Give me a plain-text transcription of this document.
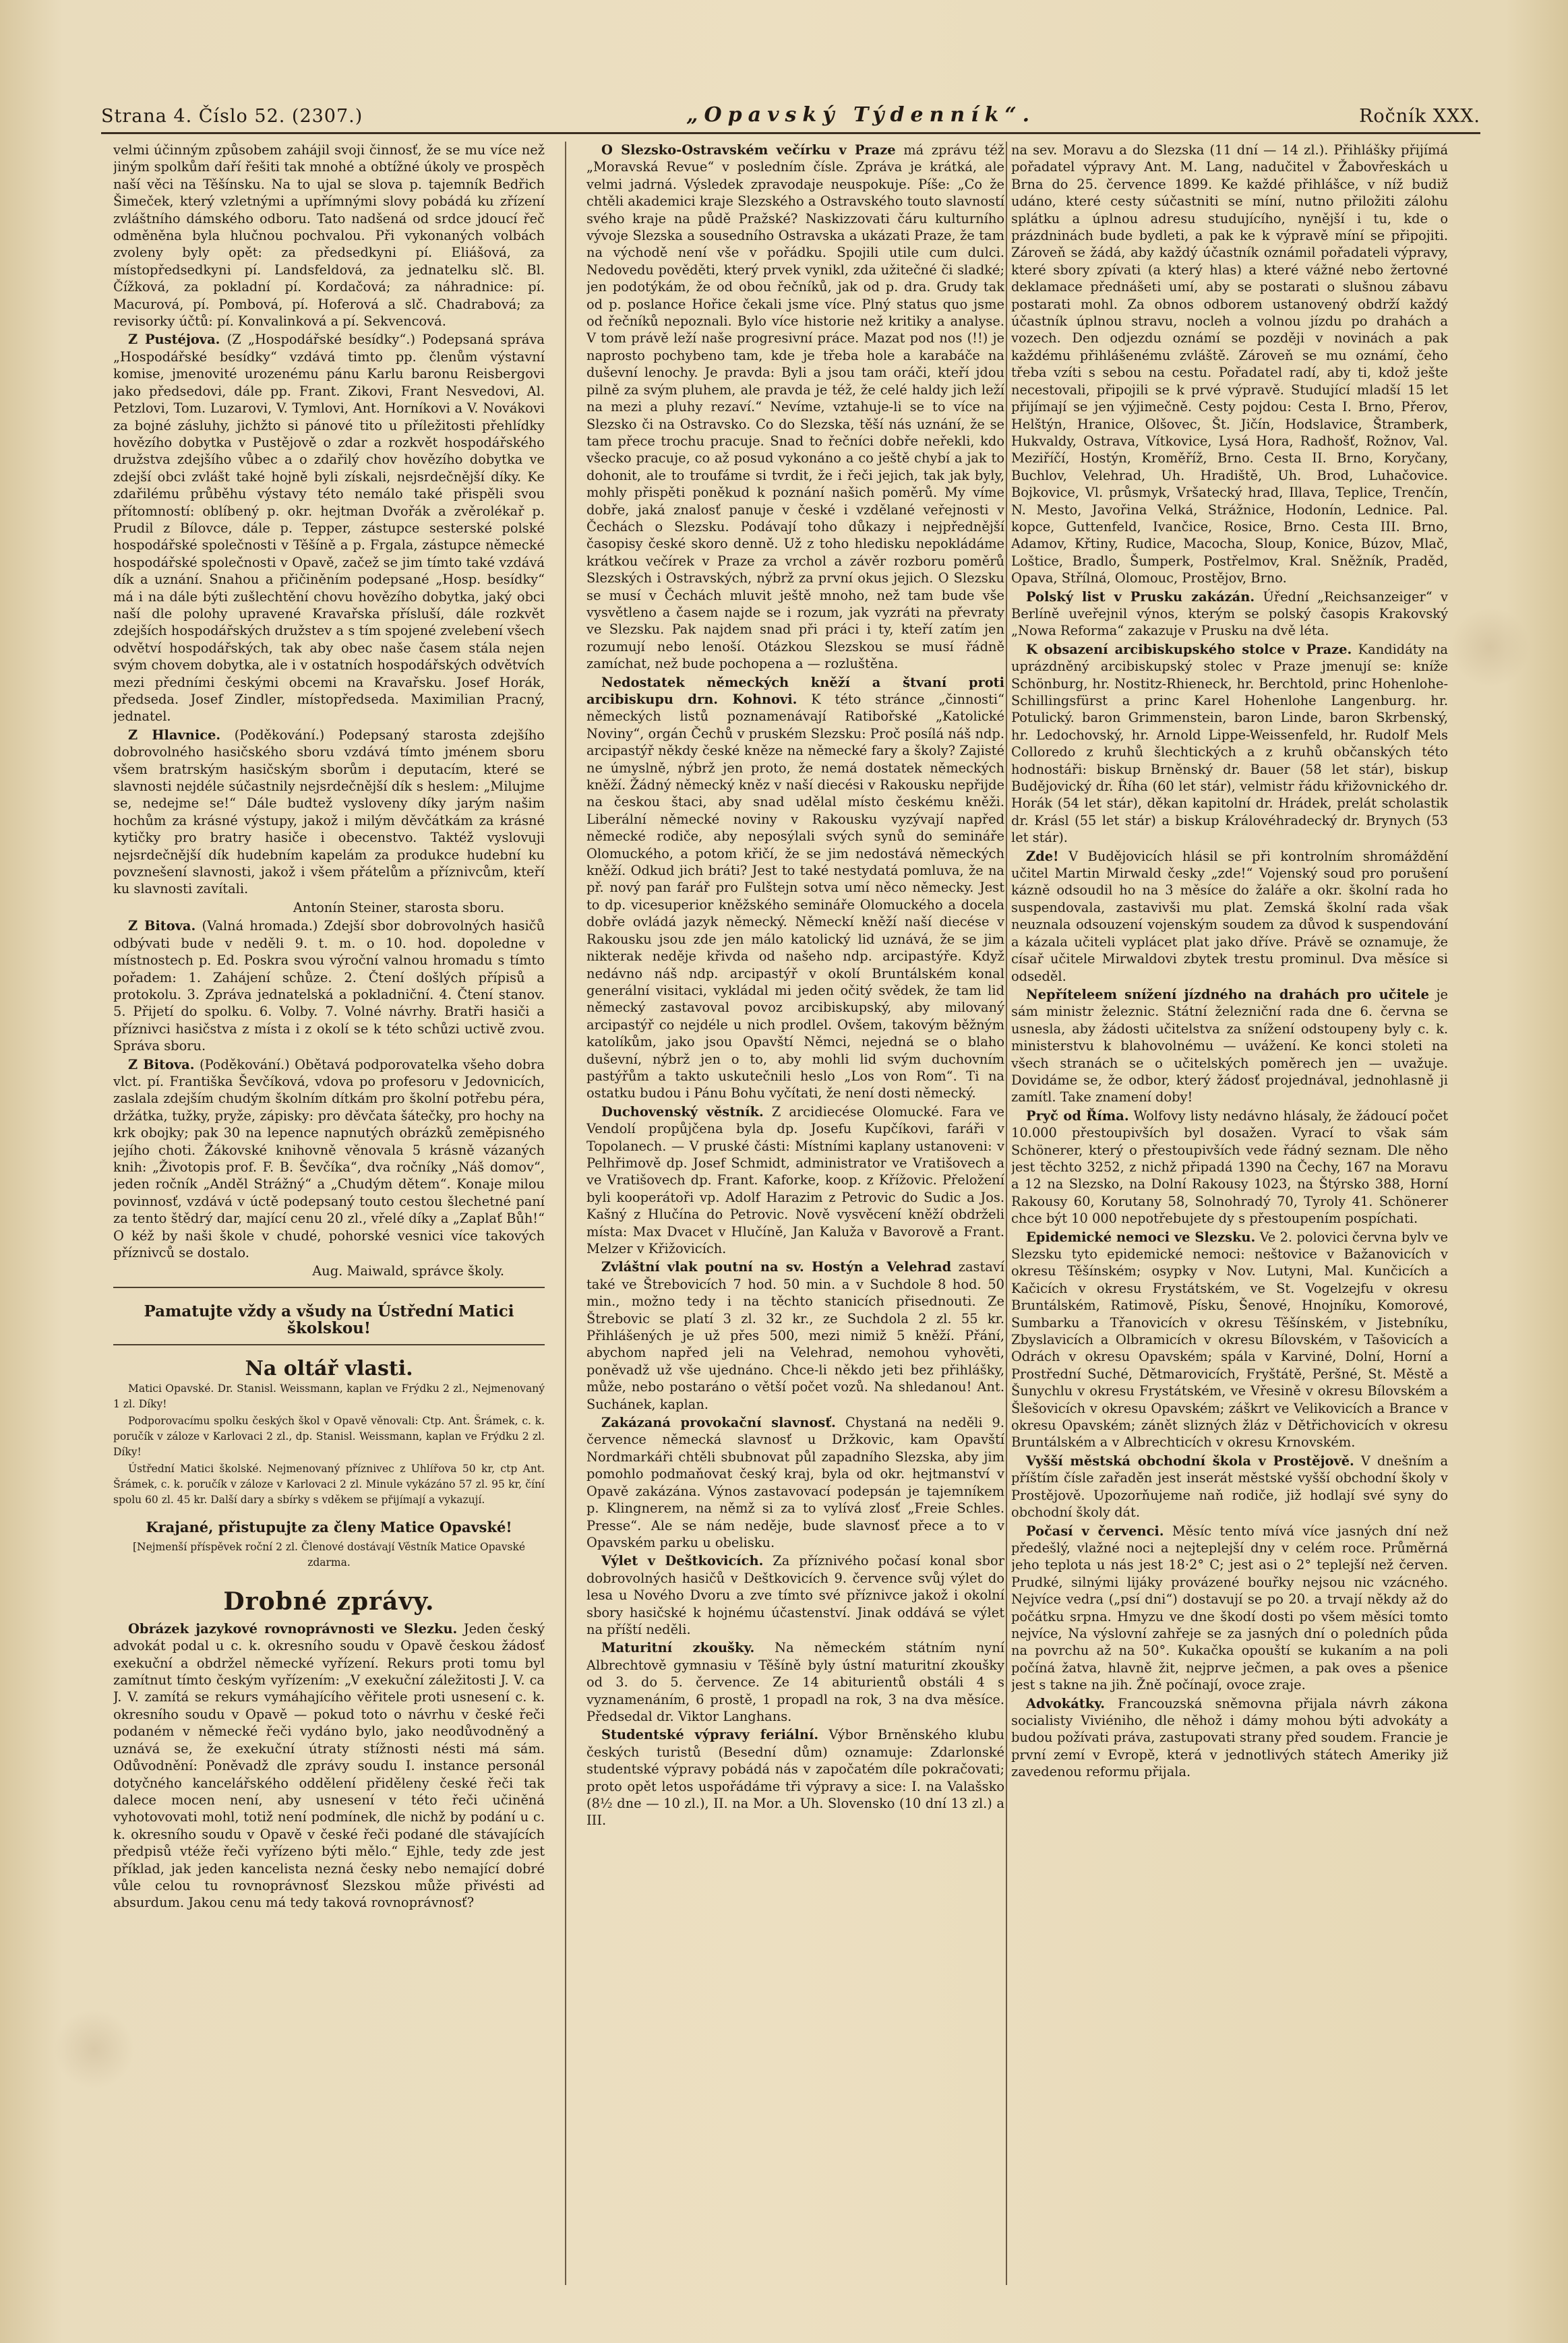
Strana 4. Číslo 52. (2307.)	„Opavský Týdenník“.	Ročník XXX.

velmi účinným způsobem zahájil svoji činnosť, že se mu více než jiným spolkům daří řešiti tak mnohé a obtížné úkoly ve prospěch naší věci na Těšínsku. Na to ujal se slova p. tajemník Bedřich Šimeček, který vzletnými a upřímnými slovy pobádá ku zřízení zvláštního dámského odboru. Tato nadšená od srdce jdoucí řeč odměněna byla hlučnou pochvalou. Při vykonaných volbách zvoleny byly opět: za předsedkyni pí. Eliášová, za místopředsedkyni pí. Landsfeldová, za jednatelku slč. Bl. Čížková, za pokladní pí. Kordačová; za náhradnice: pí. Macurová, pí. Pombová, pí. Hoferová a slč. Chadrabová; za revisorky účtů: pí. Konvalinková a pí. Sekvencová.

Z Pustéjova. (Z „Hospodářské besídky“.) Podepsaná správa „Hospodářské besídky“ vzdává timto pp. členům výstavní komise, jmenovité urozenému pánu Karlu baronu Reisbergovi jako předsedovi, dále pp. Frant. Zikovi, Frant Nesvedovi, Al. Petzlovi, Tom. Luzarovi, V. Tymlovi, Ant. Horníkovi a V. Novákovi za bojné zásluhy, jichžto si pánové tito u příležitosti přehlídky hovězího dobytka v Pustějově o zdar a rozkvět hospodářského družstva zdejšího vůbec a o zdařilý chov hovězího dobytka ve zdejší obci zvlášt také hojně byli získali, nejsrdečnější díky. Ke zdařilému průběhu výstavy této nemálo také přispěli svou přítomností: oblíbený p. okr. hejtman Dvořák a zvěrolékař p. Prudil z Bílovce, dále p. Tepper, zástupce sesterské polské hospodářské společnosti v Těšíně a p. Frgala, zástupce německé hospodářské společnosti v Opavě, začež se jim tímto také vzdává dík a uznání. Snahou a přičiněním podepsané „Hosp. besídky“ má i na dále býti zušlechtění chovu hovězího dobytka, jaký obci naší dle polohy upravené Kravařska přísluší, dále rozkvět zdejších hospodářských družstev a s tím spojené zvelebení všech odvětví hospodářských, tak aby obec naše časem stála nejen svým chovem dobytka, ale i v ostatních hospodářských odvětvích mezi předními českými obcemi na Kravařsku. Josef Horák, předseda. Josef Zindler, místopředseda. Maximilian Pracný, jednatel.

Z Hlavnice. (Poděkování.) Podepsaný starosta zdejšího dobrovolného hasičského sboru vzdává tímto jménem sboru všem bratrským hasičským sborům i deputacím, které se slavnosti nejdéle súčastnily nejsrdečnější dík s heslem: „Milujme se, nedejme se!“ Dále budtež vysloveny díky jarým našim hochům za krásné výstupy, jakož i milým děvčátkám za krásné kytičky pro bratry hasiče i obecenstvo. Taktéž vyslovuji nejsrdečnější dík hudebním kapelám za produkce hudební ku povznešení slavnosti, jakož i všem přátelům a příznivcům, kteří ku slavnosti zavítali.

Antonín Steiner, starosta sboru.

Z Bitova. (Valná hromada.) Zdejší sbor dobrovolných hasičů odbývati bude v neděli 9. t. m. o 10. hod. dopoledne v místnostech p. Ed. Poskra svou výroční valnou hromadu s tímto pořadem: 1. Zahájení schůze. 2. Čtení došlých přípisů a protokolu. 3. Zpráva jednatelská a pokladniční. 4. Čtení stanov. 5. Přijetí do spolku. 6. Volby. 7. Volné návrhy. Bratři hasiči a příznivci hasičstva z místa i z okolí se k této schůzi uctivě zvou. Správa sboru.

Z Bitova. (Poděkování.) Obětavá podporovatelka všeho dobra vlct. pí. Františka Ševčíková, vdova po profesoru v Jedovnicích, zaslala zdejším chudým školním dítkám pro školní potřebu péra, držátka, tužky, pryže, zápisky: pro děvčata šátečky, pro hochy na krk obojky; pak 30 na lepence napnutých obrázků zeměpisného jejího choti. Žákovské knihovně věnovala 5 krásně vázaných knih: „Životopis prof. F. B. Ševčíka“, dva ročníky „Náš domov“, jeden ročník „Anděl Strážný“ a „Chudým dětem“. Konaje milou povinnosť, vzdává v úctě podepsaný touto cestou šlechetné paní za tento štědrý dar, mající cenu 20 zl., vřelé díky a „Zaplať Bůh!“ O kéž by naši škole v chudé, pohorské vesnici více takových příznivců se dostalo.

Aug. Maiwald, správce školy.

Pamatujte vždy a všudy na Ústřední Matici školskou!
Na oltář vlasti.

Matici Opavské. Dr. Stanisl. Weissmann, kaplan ve Frýdku 2 zl., Nejmenovaný 1 zl. Díky!

Podporovacímu spolku českých škol v Opavě věnovali: Ctp. Ant. Šrámek, c. k. poručík v záloze v Karlovaci 2 zl., dp. Stanisl. Weissmann, kaplan ve Frýdku 2 zl. Díky!

Ústřední Matici školské. Nejmenovaný příznivec z Uhlířova 50 kr, ctp Ant. Šrámek, c. k. poručík v záloze v Karlovaci 2 zl. Minule vykázáno 57 zl. 95 kr, číní spolu 60 zl. 45 kr. Další dary a sbírky s vděkem se přijímají a vykazují.

Krajané, přistupujte za členy Matice Opavské!

[Nejmenší příspěvek roční 2 zl. Členové dostávají Věstník Matice Opavské zdarma.

Drobné zprávy.

Obrázek jazykové rovnoprávnosti ve Slezku. Jeden český advokát podal u c. k. okresního soudu v Opavě českou žádosť exekuční a obdržel německé vyřízení. Rekurs proti tomu byl zamítnut tímto českým vyřízením: „V exekuční záležitosti J. V. ca J. V. zamítá se rekurs vymáhajícího věřitele proti usnesení c. k. okresního soudu v Opavě — pokud toto o návrhu v české řeči podaném v německé řeči vydáno bylo, jako neodůvodněný a uznává se, že exekuční útraty stížnosti nésti má sám. Odůvodnění: Poněvadž dle zprávy soudu I. instance personál dotyčného kancelářského oddělení přiděleny české řeči tak dalece mocen není, aby usnesení v této řeči učiněná vyhotovovati mohl, totiž není podmínek, dle nichž by podání u c. k. okresního soudu v Opavě v české řeči podané dle stávajících předpisů vtéže řeči vyřízeno býti mělo.“ Ejhle, tedy zde jest příklad, jak jeden kancelista nezná česky nebo nemající dobré vůle celou tu rovnoprávnosť Slezskou může přivésti ad absurdum. Jakou cenu má tedy taková rovnoprávnosť?

O Slezsko-Ostravském večírku v Praze má zprávu též „Moravská Revue“ v posledním čísle. Zpráva je krátká, ale velmi jadrná. Výsledek zpravodaje neuspokuje. Píše: „Co že chtěli akademici kraje Slezského a Ostravského touto slavností svého kraje na půdě Pražské? Naskizzovati čáru kulturního vývoje Slezska a sousedního Ostravska a ukázati Praze, že tam na východě není vše v pořádku. Spojili utile cum dulci. Nedovedu pověděti, který prvek vynikl, zda užitečné či sladké; jen podotýkám, že od obou řečníků, jak od p. dra. Grudy tak od p. poslance Hořice čekali jsme více. Plný status quo jsme od řečníků nepoznali. Bylo více historie než kritiky a analyse. V tom právě leží naše progresivní práce. Mazat pod nos (!!) je naprosto pochybeno tam, kde je třeba hole a karabáče na duševní lenochy. Je pravda: Byli a jsou tam oráči, kteří jdou pilně za svým pluhem, ale pravda je též, že celé haldy jich leží na mezi a pluhy rezaví.“ Nevíme, vztahuje-li se to více na Slezsko či na Ostravsko. Co do Slezska, těší nás uznání, že se tam přece trochu pracuje. Snad to řečníci dobře neřekli, kdo všecko pracuje, co až posud vykonáno a co ještě chybí a jak to dohonit, ale to troufáme si tvrdit, že i řeči jejich, tak jak byly, mohly přispěti poněkud k poznání našich poměrů. My víme dobře, jaká znalosť panuje v české i vzdělané veřejnosti v Čechách o Slezsku. Podávají toho důkazy i nejpřednější časopisy české skoro denně. Už z toho hledisku nepokládáme krátkou večírek v Praze za vrchol a závěr rozboru poměrů Slezských i Ostravských, nýbrž za první okus jejich. O Slezsku se musí v Čechách mluvit ještě mnoho, než tam bude vše vysvětleno a časem najde se i rozum, jak vyzráti na převraty ve Slezsku. Pak najdem snad při práci i ty, kteří zatím jen rozumují nebo lenoší. Otázkou Slezskou se musí řádně zamíchat, než bude pochopena a — rozluštěna.

Nedostatek německých kněží a štvaní proti arcibiskupu drn. Kohnovi. K této stránce „činnosti“ německých listů poznamenávají Ratibořské „Katolické Noviny“, orgán Čechů v pruském Slezsku: Proč posílá náš ndp. arcipastýř někdy české kněze na německé fary a školy? Zajisté ne úmyslně, nýbrž jen proto, že nemá dostatek německých kněží. Žádný německý kněz v naší diecési v Rakousku nepřijde na českou štaci, aby snad udělal místo českému kněži. Liberální německé noviny v Rakousku vyzývají napřed německé rodiče, aby neposýlali svých synů do semináře Olomuckého, a potom křičí, že se jim nedostává německých kněží. Odkud jich bráti? Jest to také nestydatá pomluva, že na př. nový pan farář pro Fulštejn sotva umí něco německy. Jest to dp. vicesuperior kněžského semináře Olomuckého a docela dobře ovládá jazyk německý. Německí kněží naší diecése v Rakousku jsou zde jen málo katolický lid uznává, že se jim nikterak neděje křivda od našeho ndp. arcipastýře. Když nedávno náš ndp. arcipastýř v okolí Bruntálském konal generální visitaci, vykládal mi jeden očitý svědek, že tam lid německý zastavoval povoz arcibiskupský, aby milovaný arcipastýř co nejdéle u nich prodlel. Ovšem, takovým běžným katolíkům, jako jsou Opavští Němci, nejedná se o blaho duševní, nýbrž jen o to, aby mohli lid svým duchovním pastýřům a takto uskutečnili heslo „Los von Rom“. Ti na ostatku budou i Pánu Bohu vyčítati, že není dosti německý.

Duchovenský věstník. Z arcidiecése Olomucké. Fara ve Vendolí propůjčena byla dp. Josefu Kupčíkovi, faráři v Topolanech. — V pruské části: Místními kaplany ustanoveni: v Pelhřimově dp. Josef Schmidt, administrator ve Vratišovech a ve Vratišovech dp. Frant. Kaforke, koop. z Křížovic. Přeložení byli kooperátoři vp. Adolf Harazim z Petrovic do Sudic a Jos. Kašný z Hlučína do Petrovic. Nově vysvěcení kněží obdrželi místa: Max Dvacet v Hlučíně, Jan Kaluža v Bavorově a Frant. Melzer v Křižovicích.

Zvláštní vlak poutní na sv. Hostýn a Velehrad zastaví také ve Štrebovicích 7 hod. 50 min. a v Suchdole 8 hod. 50 min., možno tedy i na těchto stanicích přisednouti. Ze Štrebovic se platí 3 zl. 32 kr., ze Suchdola 2 zl. 55 kr. Přihlášených je už přes 500, mezi nimiž 5 kněží. Přání, abychom napřed jeli na Velehrad, nemohou vyhověti, poněvadž už vše ujednáno. Chce-li někdo jeti bez přihlášky, může, nebo postaráno o větší počet vozů. Na shledanou! Ant. Suchánek, kaplan.

Zakázaná provokační slavnosť. Chystaná na neděli 9. července německá slavnosť u Držkovic, kam Opavští Nordmarkáři chtěli sbubnovat půl zapadního Slezska, aby jim pomohlo podmaňovat český kraj, byla od okr. hejtmanství v Opavě zakázána. Výnos zastavovací podepsán je tajemníkem p. Klingnerem, na němž si za to vylívá zlosť „Freie Schles. Presse“. Ale se nám neděje, bude slavnosť přece a to v Opavském parku u obelisku.

Výlet v Deštkovicích. Za příznivého počasí konal sbor dobrovolných hasičů v Deštkovicích 9. července svůj výlet do lesa u Nového Dvoru a zve tímto své příznivce jakož i okolní sbory hasičské k hojnému účastenství. Jinak oddává se výlet na příští neděli.

Maturitní zkoušky. Na německém státním nyní Albrechtově gymnasiu v Těšíně byly ústní maturitní zkoušky od 3. do 5. července. Ze 14 abiturientů obstáli 4 s vyznamenáním, 6 prostě, 1 propadl na rok, 3 na dva měsíce. Předsedal dr. Viktor Langhans.

Studentské výpravy feriální. Výbor Brněnského klubu českých turistů (Besední dům) oznamuje: Zdarlonské studentské výpravy pobádá nás v započatém díle pokračovati; proto opět letos uspořádáme tři výpravy a sice: I. na Valašsko (8½ dne — 10 zl.), II. na Mor. a Uh. Slovensko (10 dní 13 zl.) a III.

na sev. Moravu a do Slezska (11 dní — 14 zl.). Přihlášky přijímá pořadatel výpravy Ant. M. Lang, nadučitel v Žabovřeskách u Brna do 25. července 1899. Ke každé přihlášce, v níž budiž udáno, které cesty súčastniti se míní, nutno přiložiti zálohu splátku a úplnou adresu studujícího, nynější i tu, kde o prázdninách bude bydleti, a pak ke k výpravě míní se připojiti. Zároveň se žádá, aby každý účastník oznámil pořadateli výpravy, které sbory zpívati (a který hlas) a které vážné nebo žertovné deklamace přednášeti umí, aby se postarati o slušnou zábavu postarati mohl. Za obnos odborem ustanovený obdrží každý účastník úplnou stravu, nocleh a volnou jízdu po drahách a vozech. Den odjezdu oznámí se později v novinách a pak každému přihlášenému zvláště. Zároveň se mu oznámí, čeho třeba vzíti s sebou na cestu. Pořadatel radí, aby ti, kdož ješte necestovali, připojili se k prvé výpravě. Studující mladší 15 let přijímají se jen výjimečně. Cesty pojdou: Cesta I. Brno, Přerov, Helštýn, Hranice, Olšovec, Št. Jičín, Hodslavice, Štramberk, Hukvaldy, Ostrava, Vítkovice, Lysá Hora, Radhošť, Rožnov, Val. Meziříčí, Hostýn, Kroměříž, Brno. Cesta II. Brno, Koryčany, Buchlov, Velehrad, Uh. Hradiště, Uh. Brod, Luhačovice. Bojkovice, Vl. průsmyk, Vršatecký hrad, Illava, Teplice, Trenčín, N. Mesto, Javořina Velká, Strážnice, Hodonín, Lednice. Pal. kopce, Guttenfeld, Ivančice, Rosice, Brno. Cesta III. Brno, Adamov, Křtiny, Rudice, Macocha, Sloup, Konice, Búzov, Mlač, Loštice, Bradlo, Šumperk, Postřelmov, Kral. Sněžník, Praděd, Opava, Střílná, Olomouc, Prostějov, Brno.

Polský list v Prusku zakázán. Úřední „Reichsanzeiger“ v Berlíně uveřejnil výnos, kterým se polský časopis Krakovský „Nowa Reforma“ zakazuje v Prusku na dvě léta.

K obsazení arcibiskupského stolce v Praze. Kandidáty na uprázdněný arcibiskupský stolec v Praze jmenují se: kníže Schönburg, hr. Nostitz-Rhieneck, hr. Berchtold, princ Hohenlohe-Schillingsfürst a princ Karel Hohenlohe Langenburg. hr. Potulický. baron Grimmenstein, baron Linde, baron Skrbenský, hr. Ledochovský, hr. Arnold Lippe-Weissenfeld, hr. Rudolf Mels Colloredo z kruhů šlechtických a z kruhů občanských této hodnostáři: biskup Brněnský dr. Bauer (58 let stár), biskup Budějovický dr. Říha (60 let stár), velmistr řádu křižovnického dr. Horák (54 let stár), děkan kapitolní dr. Hrádek, prelát scholastik dr. Krásl (55 let stár) a biskup Královéhradecký dr. Brynych (53 let stár).

Zde! V Budějovicích hlásil se při kontrolním shromáždění učitel Martin Mirwald česky „zde!“ Vojenský soud pro porušení kázně odsoudil ho na 3 měsíce do žaláře a okr. školní rada ho suspendovala, zastavivši mu plat. Zemská školní rada však neuznala odsouzení vojenským soudem za důvod k suspendování a kázala učiteli vyplácet plat jako dříve. Právě se oznamuje, že císař učitele Mirwaldovi zbytek trestu prominul. Dva měsíce si odseděl.

Nepříteleem snížení jízdného na drahách pro učitele je sám ministr železnic. Státní železniční rada dne 6. června se usnesla, aby žádosti učitelstva za snížení odstoupeny byly c. k. ministerstvu k blahovolnému — uvážení. Ke konci stoleti na všech stranách se o učitelských poměrech jen — uvažuje. Dovidáme se, že odbor, který žádosť projednával, jednohlasně ji zamítl. Take znamení doby!

Pryč od Říma. Wolfovy listy nedávno hlásaly, že žádoucí počet 10.000 přestoupivších byl dosažen. Vyrací to však sám Schönerer, který o přestoupivších vede řádný seznam. Dle něho jest těchto 3252, z nichž připadá 1390 na Čechy, 167 na Moravu a 12 na Slezsko, na Dolní Rakousy 1023, na Štýrsko 388, Horní Rakousy 60, Korutany 58, Solnohradý 70, Tyroly 41. Schönerer chce být 10 000 nepotřebujete dy s přestoupením pospíchati.

Epidemické nemoci ve Slezsku. Ve 2. polovici června bylv ve Slezsku tyto epidemické nemoci: neštovice v Bažanovicích v okresu Těšínském; osypky v Nov. Lutyni, Mal. Kunčicích a Kačicích v okresu Frystátském, ve St. Vogelzejfu v okresu Bruntálském, Ratimově, Písku, Šenové, Hnojníku, Komorové, Sumbarku a Třanovicích v okresu Těšínském, v Jistebníku, Zbyslavicích a Olbramicích v okresu Bílovském, v Tašovicích a Odrách v okresu Opavském; spála v Karviné, Dolní, Horní a Prostřední Suché, Dětmarovicích, Fryštátě, Peršné, St. Městě a Šunychlu v okresu Frystátském, ve Vřesině v okresu Bílovském a Šlešovicích v okresu Opavském; záškrt ve Velikovicích a Brance v okresu Opavském; zánět slizných žláz v Dětřichovicích v okresu Bruntálském a v Albrechticích v okresu Krnovském.

Vyšší městská obchodní škola v Prostějově. V dnešním a příštím čísle zařaděn jest inserát městské vyšší obchodní školy v Prostějově. Upozorňujeme naň rodiče, již hodlají své syny do obchodní školy dát.

Počasí v červenci. Měsíc tento mívá více jasných dní než předešlý, vlažné noci a nejteplejší dny v celém roce. Průměrná jeho teplota u nás jest 18·2° C; jest asi o 2° teplejší než červen. Prudké, silnými lijáky provázené bouřky nejsou nic vzácného. Nejvíce vedra („psí dni“) dostavují se po 20. a trvají někdy až do počátku srpna. Hmyzu ve dne škodí dosti po všem měsíci tomto nejvíce, Na výslovní zahřeje se za jasných dní o poledních půda na povrchu až na 50°. Kukačka opouští se kukaním a na poli počíná žatva, hlavně žit, nejprve ječmen, a pak oves a pšenice jest s takne na jih. Žně počínají, ovoce zraje.

Advokátky. Francouzská sněmovna přijala návrh zákona socialisty Viviéniho, dle něhož i dámy mohou býti advokáty a budou požívati práva, zastupovati strany před soudem. Francie je první zemí v Evropě, která v jednotlivých státech Ameriky již zavedenou reformu přijala.
